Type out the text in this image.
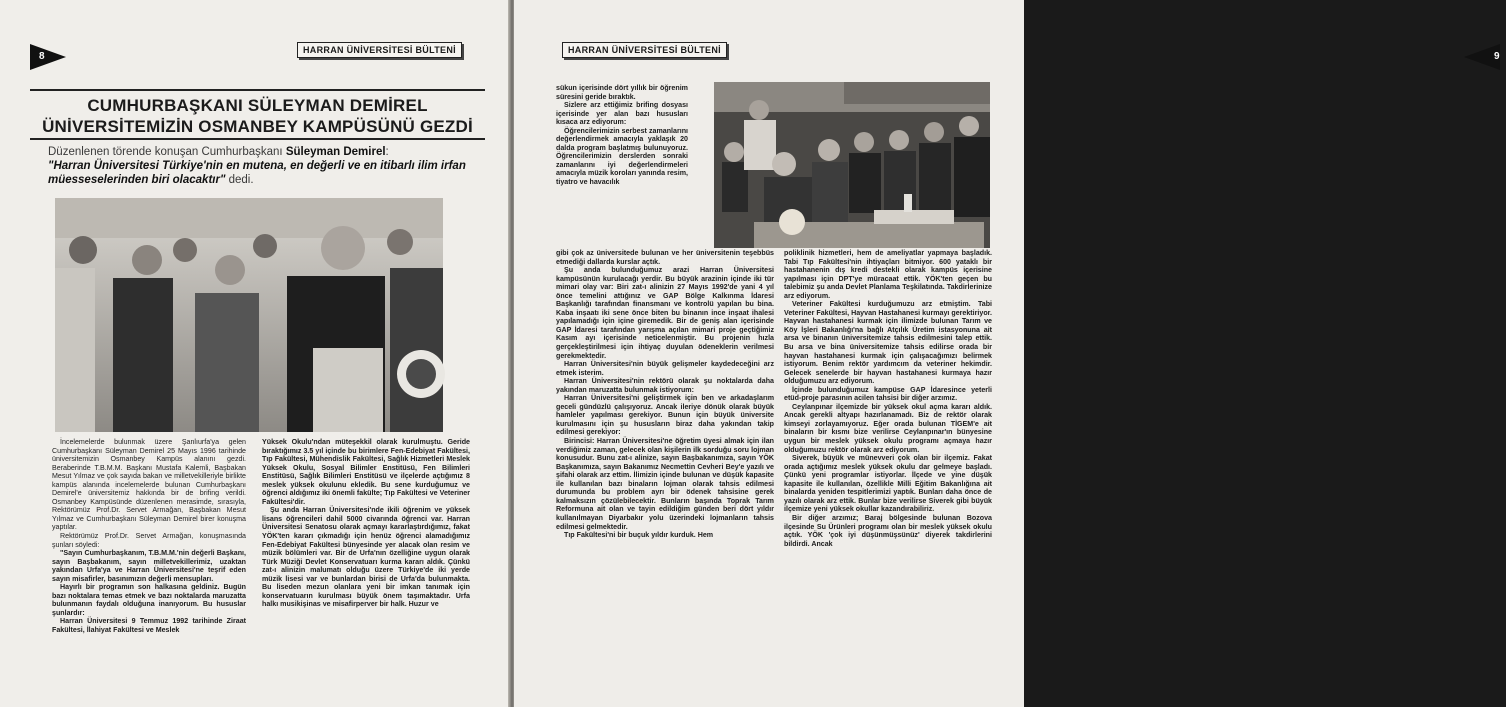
8
HARRAN ÜNİVERSİTESİ BÜLTENİ
CUMHURBAŞKANI SÜLEYMAN DEMİREL
ÜNİVERSİTEMİZİN OSMANBEY KAMPÜSÜNÜ GEZDİ
Düzenlenen törende konuşan Cumhurbaşkanı Süleyman Demirel:
"Harran Üniversitesi Türkiye'nin en mutena, en değerli ve en itibarlı ilim irfan müesseselerinden biri olacaktır" dedi.

İncelemelerde bulunmak üzere Şanlıurfa'ya gelen Cumhurbaşkanı Süleyman Demirel 25 Mayıs 1996 tarihinde üniversitemizin Osmanbey Kampüs alanını gezdi. Beraberinde T.B.M.M. Başkanı Mustafa Kalemli, Başbakan Mesut Yılmaz ve çok sayıda bakan ve milletvekilleriyle birlikte kampüs alanında incelemelerde bulunan Cumhurbaşkanı Demirel'e üniversitemiz hakkında bir de brifing verildi. Osmanbey Kampüsünde düzenlenen merasimde, sırasıyla, Rektörümüz Prof.Dr. Servet Armağan, Başbakan Mesut Yılmaz ve Cumhurbaşkanı Süleyman Demirel birer konuşma yaptılar.

Rektörümüz Prof.Dr. Servet Armağan, konuşmasında şunları söyledi:

"Sayın Cumhurbaşkanım, T.B.M.M.'nin değerli Başkanı, sayın Başbakanım, sayın milletvekillerimiz, uzaktan yakından Urfa'ya ve Harran Üniversitesi'ne teşrif eden sayın misafirler, basınımızın değerli mensupları.

Hayırlı bir programın son halkasına geldiniz. Bugün bazı noktalara temas etmek ve bazı noktalarda maruzatta bulunmanın faydalı olduğuna inanıyorum. Bu hususlar şunlardır:

Harran Üniversitesi 9 Temmuz 1992 tarihinde Ziraat Fakültesi, İlahiyat Fakültesi ve Meslek

Yüksek Okulu'ndan müteşekkil olarak kurulmuştu. Geride bıraktığımız 3.5 yıl içinde bu birimlere Fen-Edebiyat Fakültesi, Tıp Fakültesi, Mühendislik Fakültesi, Sağlık Hizmetleri Meslek Yüksek Okulu, Sosyal Bilimler Enstitüsü, Fen Bilimleri Enstitüsü, Sağlık Bilimleri Enstitüsü ve ilçelerde açtığımız 8 meslek yüksek okulunu ekledik. Bu sene kurduğumuz ve öğrenci aldığımız iki önemli fakülte; Tıp Fakültesi ve Veteriner Fakültesi'dir.

Şu anda Harran Üniversitesi'nde ikili öğrenim ve yüksek lisans öğrencileri dahil 5000 civarında öğrenci var. Harran Üniversitesi Senatosu olarak açmayı kararlaştırdığımız, fakat YÖK'ten kararı çıkmadığı için henüz öğrenci alamadığımız Fen-Edebiyat Fakültesi bünyesinde yer alacak olan resim ve müzik bölümleri var. Bir de Urfa'nın özelliğine uygun olarak Türk Müziği Devlet Konservatuarı kurma kararı aldık. Çünkü zat-ı alinizin malumatı olduğu üzere Türkiye'de iki yerde müzik lisesi var ve bunlardan birisi de Urfa'da bulunmakta. Bu liseden mezun olanlara yeni bir imkan tanımak için konservatuarın kurulması büyük önem taşımaktadır. Urfa halkı musikişinas ve misafirperver bir halk. Huzur ve

HARRAN ÜNİVERSİTESİ BÜLTENİ
9

sükun içerisinde dört yıllık bir öğrenim süresini geride bıraktık.

Sizlere arz ettiğimiz brifing dosyası içerisinde yer alan bazı hususları kısaca arz ediyorum:

Öğrencilerimizin serbest zamanlarını değerlendirmek amacıyla yaklaşık 20 dalda program başlatmış bulunuyoruz. Öğrencilerimizin derslerden sonraki zamanlarını iyi değerlendirmeleri amacıyla müzik koroları yanında resim, tiyatro ve havacılık

gibi çok az üniversitede bulunan ve her üniversitenin teşebbüs etmediği dallarda kurslar açtık.

Şu anda bulunduğumuz arazi Harran Üniversitesi kampüsünün kurulacağı yerdir. Bu büyük arazinin içinde iki tür mimari olay var: Biri zat-ı alinizin 27 Mayıs 1992'de yani 4 yıl önce temelini attığınız ve GAP Bölge Kalkınma İdaresi Başkanlığı tarafından finansmanı ve kontrolü yapılan bu bina. Kaba inşaatı iki sene önce biten bu binanın ince inşaat ihalesi yapılamadığı için içine giremedik. Bir de geniş alan içerisinde GAP İdaresi tarafından yarışma açılan mimari proje geçtiğimiz Kasım ayı içerisinde neticelenmiştir. Bu projenin hızla gerçekleştirilmesi için ihtiyaç duyulan ödeneklerin verilmesi gerekmektedir.

Harran Üniversitesi'nin büyük gelişmeler kaydedeceğini arz etmek isterim.

Harran Üniversitesi'nin rektörü olarak şu noktalarda daha yakından maruzatta bulunmak istiyorum:

Harran Üniversitesi'ni geliştirmek için ben ve arkadaşlarım geceli gündüzlü çalışıyoruz. Ancak ileriye dönük olarak büyük hamleler yapılması gerekiyor. Bunun için büyük üniversite kurulmasını için şu hususların biraz daha yakından takip edilmesi gerekiyor:

Birincisi: Harran Üniversitesi'ne öğretim üyesi almak için ilan verdiğimiz zaman, gelecek olan kişilerin ilk sorduğu soru lojman konusudur. Bunu zat-ı alinize, sayın Başbakanımıza, sayın YÖK Başkanımıza, sayın Bakanımız Necmettin Cevheri Bey'e yazılı ve şifahi olarak arz ettim. İlimizin içinde bulunan ve düşük kapasite ile kullanılan bazı binaların lojman olarak tahsis edilmesi durumunda bu problem ayrı bir ödenek tahsisine gerek kalmaksızın çözülebilecektir. Bunların başında Toprak Tarım Reformuna ait olan ve tayin edildiğim günden beri dört yıldır kullanılmayan Diyarbakır yolu üzerindeki lojmanların tahsis edilmesi gelmektedir.

Tıp Fakültesi'ni bir buçuk yıldır kurduk. Hem

poliklinik hizmetleri, hem de ameliyatlar yapmaya başladık. Tabi Tıp Fakültesi'nin ihtiyaçları bitmiyor. 600 yataklı bir hastahanenin dış kredi destekli olarak kampüs içerisine yapılması için DPT'ye müracaat ettik. YÖK'ten geçen bu talebimiz şu anda Devlet Planlama Teşkilatında. Takdirlerinize arz ediyorum.

Veteriner Fakültesi kurduğumuzu arz etmiştim. Tabi Veteriner Fakültesi, Hayvan Hastahanesi kurmayı gerektiriyor. Hayvan hastahanesi kurmak için ilimizde bulunan Tarım ve Köy İşleri Bakanlığı'na bağlı Atçılık Üretim istasyonuna ait arsa ve binanın üniversitemize tahsis edilmesini talep ettik. Bu arsa ve bina üniversitemize tahsis edilirse orada bir hayvan hastahanesi kurmak için çalışacağımızı belirmek istiyorum. Benim rektör yardımcım da veteriner hekimdir. Gelecek senelerde bir hayvan hastahanesi kurmaya hazır olduğumuzu arz ediyorum.

İçinde bulunduğumuz kampüse GAP İdaresince yeterli etüd-proje parasının acilen tahsisi bir diğer arzımız.

Ceylanpınar ilçemizde bir yüksek okul açma kararı aldık. Ancak gerekli altyapı hazırlanamadı. Biz de rektör olarak kimseyi zorlayamıyoruz. Eğer orada bulunan TİGEM'e ait binaların bir kısmı bize verilirse Ceylanpınar'ın bünyesine uygun bir meslek yüksek okulu programı açmaya hazır olduğumuzu rektör olarak arz ediyorum.

Siverek, büyük ve münevveri çok olan bir ilçemiz. Fakat orada açtığımız meslek yüksek okulu dar gelmeye başladı. Çünkü yeni programlar istiyorlar. İlçede ve yine düşük kapasite ile kullanılan, özellikle Milli Eğitim Bakanlığına ait binalarda yeniden tespitlerimizi yaptık. Bunları daha önce de yazılı olarak arz ettik. Bunlar bize verilirse Siverek gibi büyük ilçemize yeni yüksek okullar kazandırabiliriz.

Bir diğer arzımız; Baraj bölgesinde bulunan Bozova ilçesinde Su Ürünleri programı olan bir meslek yüksek okulu açtık. YÖK 'çok iyi düşünmüşsünüz' diyerek takdirlerini bildirdi. Ancak
